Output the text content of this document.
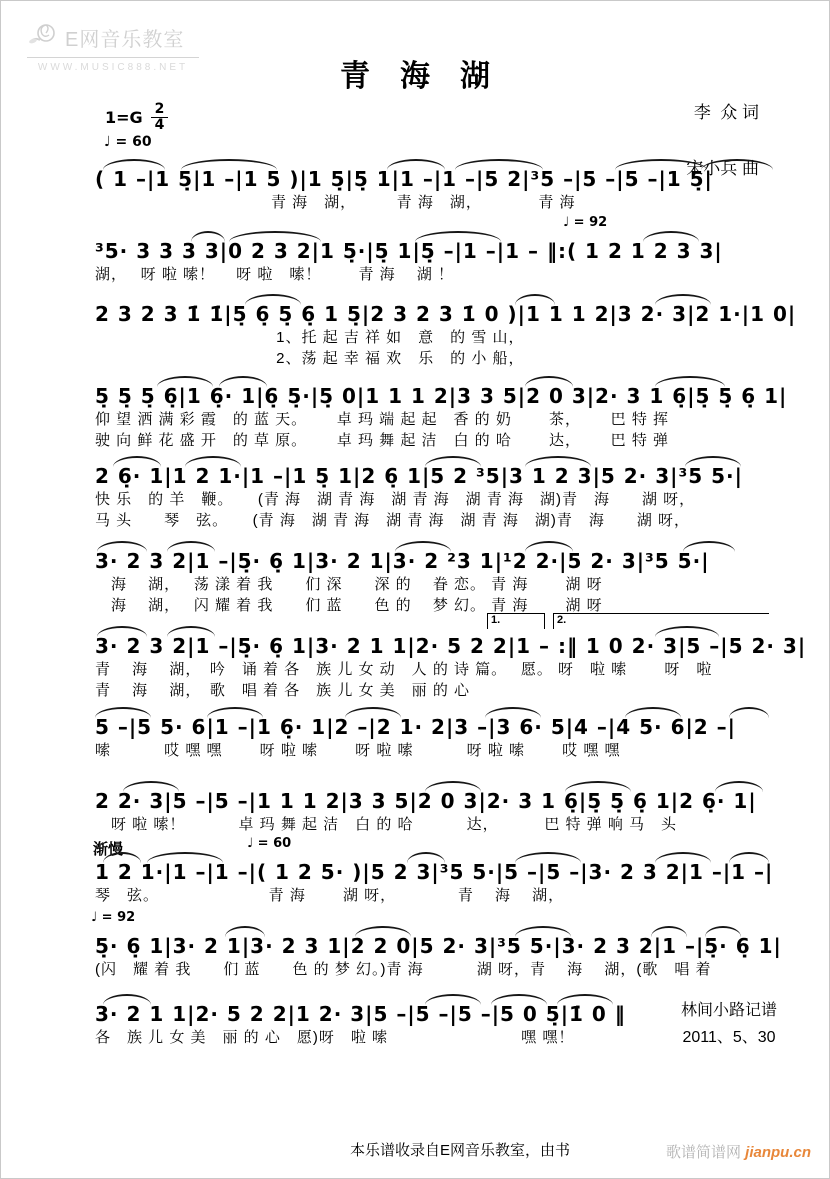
E网音乐教室
WWW.MUSIC888.NET	青　海　湖
李  众 词

宋小兵 曲
$1=G \frac{2}{4}$
♩ = 60
( 1 –|1 5̣|1 –|1 5 )|1 5̣|5̣ 1|1 –|1 –|5 2|³5 –|5 –|5 –|1 5̣|
　　　　　　　　　　　青 海　湖，　　　青 海　湖，　　　　青 海
♩ = 92
³5· 3 3 3 3|0 2 3 2|1 5̣·|5̣ 1|5̣ –|1 –|1 – ‖:( 1 2 1 2 3 3|
湖，　 呀 啦 嗦！　 呀 啦　嗦！　　 青 海　 湖 ！
2 3 2 3 1̇ 1̇|5̣ 6̣ 5̣ 6̣ 1 5̣|2 3 2 3 1̇ 0 )|1 1 1 2|3 2· 3|2 1·|1 0|
　　　　　　　　　　　 1、托 起 吉 祥 如　意　的 雪 山，
　　　　　　　　　　　 2、荡 起 幸 福 欢　乐　的 小 船，
5̣ 5̣ 5̣ 6̣|1 6̣· 1|6̣ 5̣·|5̣ 0|1 1 1 2|3 3 5|2 0 3|2· 3 1 6̣|5̣ 5̣ 6̣ 1|
仰 望 洒 满 彩 霞　的 蓝 天。　　 卓 玛 端 起 起　香 的 奶　　 茶，　　 巴 特 挥
驶 向 鲜 花 盛 开　的 草 原。　　 卓 玛 舞 起 洁　白 的 哈　　 达，　　 巴 特 弹
2 6̣· 1|1 2 1·|1 –|1 5̣ 1|2 6̣ 1|5 2 ³5|3 1 2 3|5 2· 3|³5 5·|
快 乐　的 羊　鞭。　　(青 海　湖 青 海　湖 青 海　湖 青 海　湖)青　海　　湖 呀，
马 头　　琴　弦。　　(青 海　湖 青 海　湖 青 海　湖 青 海　湖)青　海　　湖 呀，
3· 2 3 2|1 –|5̣· 6̣ 1|3· 2 1|3· 2 ²3 1|¹2 2·|5 2· 3|³5 5·|
　海　 湖，　 荡 漾 着 我　　们 深　　深 的　 眷 恋。 青 海　　 湖 呀
　海　 湖，　 闪 耀 着 我　　们 蓝　　色 的　 梦 幻。 青 海　　 湖 呀
1.	2.
3· 2 3 2|1 –|5̣· 6̣ 1|3· 2 1 1|2· 5 2 2|1 – :‖ 1 0 2· 3|5 –|5 2· 3|
青　 海　 湖，　吟　诵 着 各　族 儿 女 动　人 的 诗 篇。　 愿。 呀　啦 嗦　　 呀　啦
青　 海　 湖，　歌　唱 着 各　族 儿 女 美　丽 的 心
5 –|5 5· 6|1 –|1 6̣· 1|2 –|2 1· 2|3 –|3 6· 5|4 –|4 5· 6|2 –|
嗦　　　 哎 嘿 嘿　　 呀 啦 嗦　　 呀 啦 嗦　　　 呀 啦 嗦　　 哎 嘿 嘿
2 2· 3|5 –|5 –|1 1 1 2|3 3 5|2 0 3|2· 3 1 6̣|5̣ 5̣ 6̣ 1|2 6̣· 1|
　呀 啦 嗦！　　　 卓 玛 舞 起 洁　白 的 哈　　　 达，　　　 巴 特 弹 响 马　头
渐慢	♩ = 60
1 2 1·|1 –|1 –|( 1 2 5· )|5 2 3|³5 5·|5 –|5 –|3· 2 3 2|1 –|1 –|
琴　弦。　　　　　　　 青 海　　 湖 呀，　　　　 青　 海　 湖，
♩ = 92
5̣· 6̣ 1|3· 2 1|3· 2 3 1|2 2 0|5 2· 3|³5 5·|3· 2 3 2|1 –|5̣· 6̣ 1|
(闪　耀 着 我　　们 蓝　　色 的 梦 幻。)青 海　　　 湖 呀，青　 海　 湖，(歌　唱 着
3· 2 1 1|2· 5 2 2|1 2· 3|5 –|5 –|5 –|5 0 5̣|1̇ 0 ‖
各　族 儿 女 美　丽 的 心　愿)呀　啦 嗦　　　　　　　　 嘿 嘿！
林间小路记谱
2011、5、30
本乐谱收录自E网音乐教室，由书	歌谱简谱网 jianpu.cn
